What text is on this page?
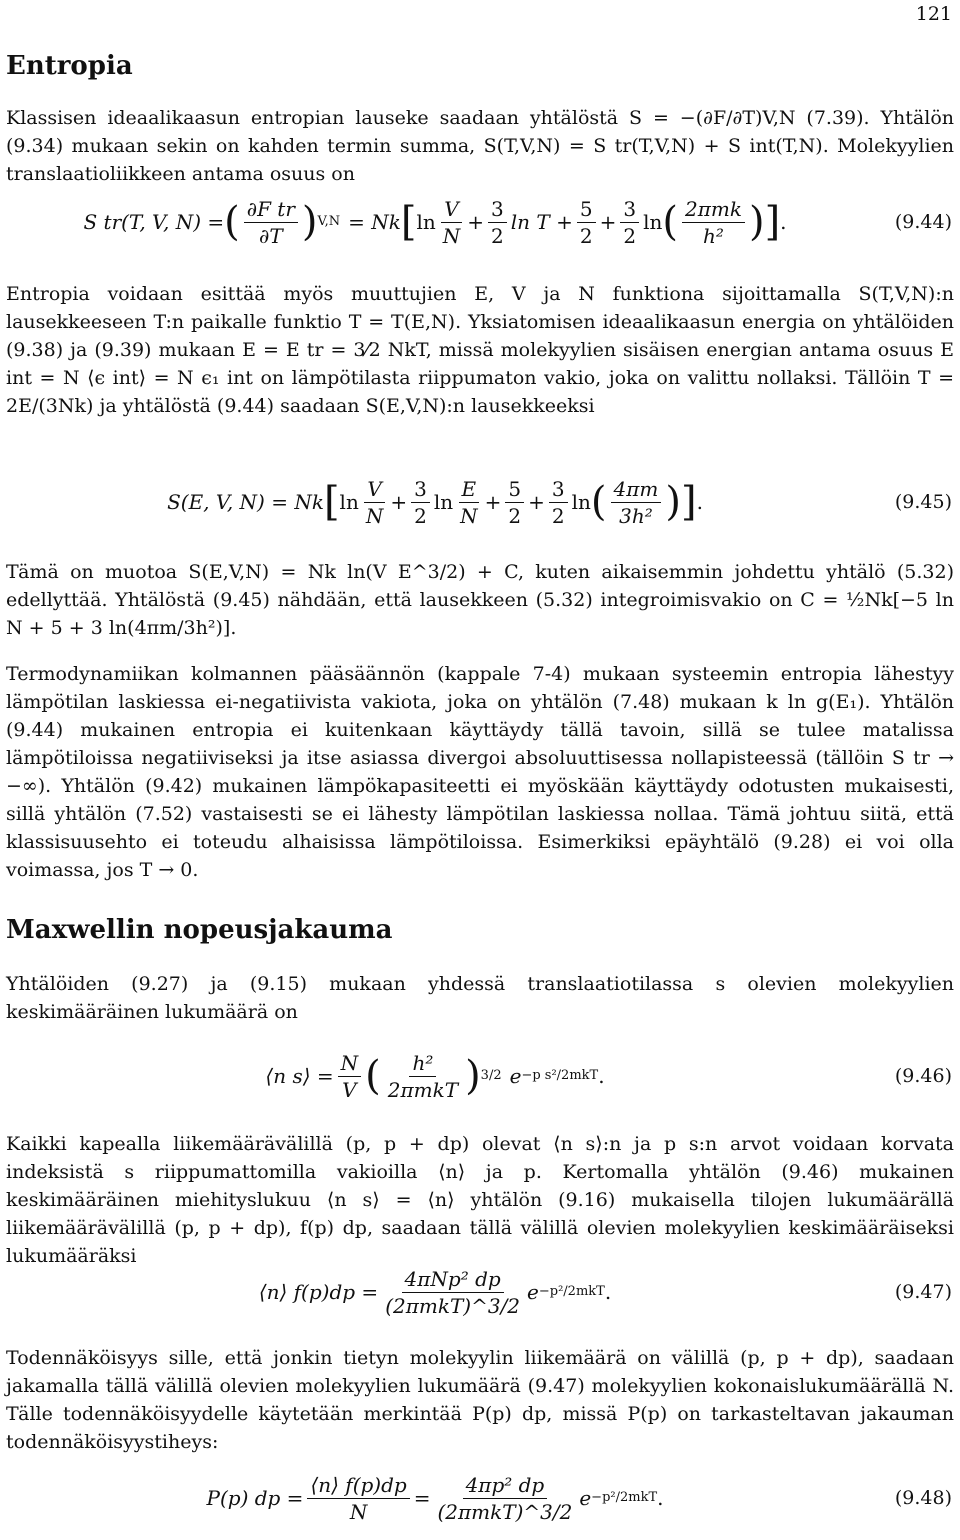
121
Entropia

Klassisen ideaalikaasun entropian lauseke saadaan yhtälöstä S = −(∂F/∂T)V,N (7.39). Yhtälön (9.34) mukaan sekin on kahden termin summa, S(T,V,N) = S tr(T,V,N) + S int(T,N). Molekyylien translaatioliikkeen antama osuus on

S tr(T, V, N) = ( $\frac{\text{∂F tr}}{\partial T}$ ) V,N = Nk [ $\ln \frac{V}{N} + \frac{3}{2}$ $\ln T + \frac{5}{2} + \frac{3}{2}$ ln ( $\frac{\text{2πmk}}{\text{h²}}$ ) ] .	(9.44)

Entropia voidaan esittää myös muuttujien E, V ja N funktiona sijoittamalla S(T,V,N):n lausekkeeseen T:n paikalle funktio T = T(E,N). Yksiatomisen ideaalikaasun energia on yhtälöiden (9.38) ja (9.39) mukaan E = E tr = 3⁄2 NkT, missä molekyylien sisäisen energian antama osuus E int = N ⟨ϵ int⟩ = N ϵ₁ int on lämpötilasta riippumaton vakio, joka on valittu nollaksi. Tällöin T = 2E/(3Nk) ja yhtälöstä (9.44) saadaan S(E,V,N):n lausekkeeksi

S(E, V, N) = Nk [ $\ln \frac{V}{N} + \frac{3}{2}$ $\ln \frac{E}{N} + \frac{5}{2} + \frac{3}{2}$ ln ( $\frac{4\pi m}{\text{3h²}}$ ) ] .	(9.45)

Tämä on muotoa S(E,V,N) = Nk ln(V E^3/2) + C, kuten aikaisemmin johdettu yhtälö (5.32) edellyttää. Yhtälöstä (9.45) nähdään, että lausekkeen (5.32) integroimisvakio on C = ½Nk[−5 ln N + 5 + 3 ln(4πm/3h²)].

Termodynamiikan kolmannen pääsäännön (kappale 7-4) mukaan systeemin entropia lähestyy lämpötilan laskiessa ei-negatiivista vakiota, joka on yhtälön (7.48) mukaan k ln g(E₁). Yhtälön (9.44) mukainen entropia ei kuitenkaan käyttäydy tällä tavoin, sillä se tulee matalissa lämpötiloissa negatiiviseksi ja itse asiassa divergoi absoluuttisessa nollapisteessä (tällöin S tr → −∞). Yhtälön (9.42) mukainen lämpökapasiteetti ei myöskään käyttäydy odotusten mukaisesti, sillä yhtälön (7.52) vastaisesti se ei lähesty lämpötilan laskiessa nollaa. Tämä johtuu siitä, että klassisuusehto ei toteudu alhaisissa lämpötiloissa. Esimerkiksi epäyhtälö (9.28) ei voi olla voimassa, jos T → 0.

Maxwellin nopeusjakauma

Yhtälöiden (9.27) ja (9.15) mukaan yhdessä translaatiotilassa s olevien molekyylien keskimääräinen lukumäärä on

⟨n s⟩ = $\frac{N}{V}$ ( $\frac{\text{h²}}{\text{2πmkT}}$ ) 3/2 e −p s²/2mkT .	(9.46)

Kaikki kapealla liikemäärävälillä (p, p + dp) olevat ⟨n s⟩:n ja p s:n arvot voidaan korvata indeksistä s riippumattomilla vakioilla ⟨n⟩ ja p. Kertomalla yhtälön (9.46) mukainen keskimääräinen miehityslukuu ⟨n s⟩ = ⟨n⟩ yhtälön (9.16) mukaisella tilojen lukumäärällä liikemäärävälillä (p, p + dp), f(p) dp, saadaan tällä välillä olevien molekyylien keskimääräiseksi lukumääräksi

⟨n⟩ $f(p)dp = \frac{\text{4πNp² dp}}{\text{(2πmkT)\textasciicircum{}3/2}}$ e −p²/2mkT .	(9.47)

Todennäköisyys sille, että jonkin tietyn molekyylin liikemäärä on välillä (p, p + dp), saadaan jakamalla tällä välillä olevien molekyylien lukumäärä (9.47) molekyylien kokonaislukumäärällä N. Tälle todennäköisyydelle käytetään merkintää P(p) dp, missä P(p) on tarkasteltavan jakauman todennäköisyystiheys:

P(p) dp = $\frac{⟨n⟩ f(p)dp}{N} = \frac{\text{4πp² dp}}{\text{(2πmkT)\textasciicircum{}3/2}}$ e −p²/2mkT .	(9.48)
